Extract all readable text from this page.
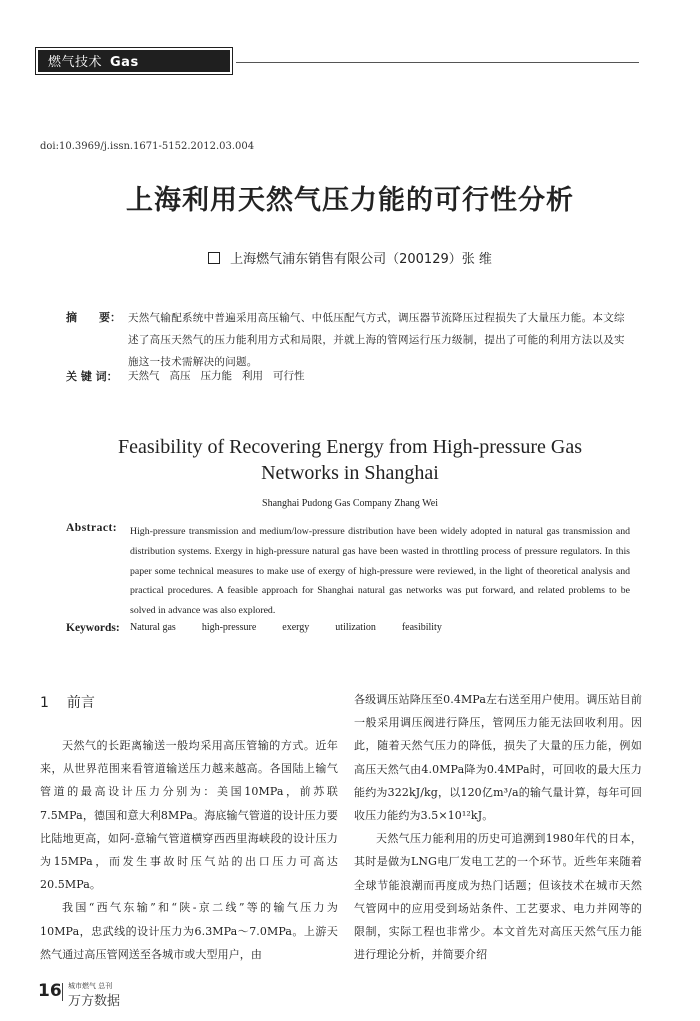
燃气技术 Gas Technology
doi:10.3969/j.issn.1671-5152.2012.03.004
上海利用天然气压力能的可行性分析
上海燃气浦东销售有限公司（200129）张 维
摘　　要： 天然气输配系统中普遍采用高压输气、中低压配气方式，调压器节流降压过程损失了大量压力能。本文综述了高压天然气的压力能利用方式和局限，并就上海的管网运行压力级制，提出了可能的利用方法以及实施这一技术需解决的问题。
关 键 词： 天然气 高压 压力能 利用 可行性
Feasibility of Recovering Energy from High-pressure Gas Networks in Shanghai
Shanghai Pudong Gas Company Zhang Wei
Abstract: High-pressure transmission and medium/low-pressure distribution have been widely adopted in natural gas transmission and distribution systems. Exergy in high-pressure natural gas have been wasted in throttling process of pressure regulators. In this paper some technical measures to make use of exergy of high-pressure were reviewed, in the light of theoretical analysis and practical procedures. A feasible approach for Shanghai natural gas networks was put forward, and related problems to be solved in advance was also explored.
Keywords: Natural gas	high-pressure	exergy	utilization	feasibility
1 前言

天然气的长距离输送一般均采用高压管输的方式。近年来，从世界范围来看管道输送压力越来越高。各国陆上输气管道的最高设计压力分别为：美国10MPa，前苏联7.5MPa，德国和意大利8MPa。海底输气管道的设计压力要比陆地更高，如阿-意输气管道横穿西西里海峡段的设计压力为15MPa，而发生事故时压气站的出口压力可高达20.5MPa。

我国“西气东输”和“陕-京二线”等的输气压力为10MPa，忠武线的设计压力为6.3MPa～7.0MPa。上游天然气通过高压管网送至各城市或大型用户，由

各级调压站降压至0.4MPa左右送至用户使用。调压站目前一般采用调压阀进行降压，管网压力能无法回收利用。因此，随着天然气压力的降低，损失了大量的压力能，例如高压天然气由4.0MPa降为0.4MPa时，可回收的最大压力能约为322kJ/kg，以120亿m³/a的输气量计算，每年可回收压力能约为3.5×10¹²kJ。

天然气压力能利用的历史可追溯到1980年代的日本，其时是做为LNG电厂发电工艺的一个环节。近些年来随着全球节能浪潮而再度成为热门话题；但该技术在城市天然气管网中的应用受到场站条件、工艺要求、电力并网等的限制，实际工程也非常少。本文首先对高压天然气压力能进行理论分析，并简要介绍

16 城市燃气 总刊
万方数据
